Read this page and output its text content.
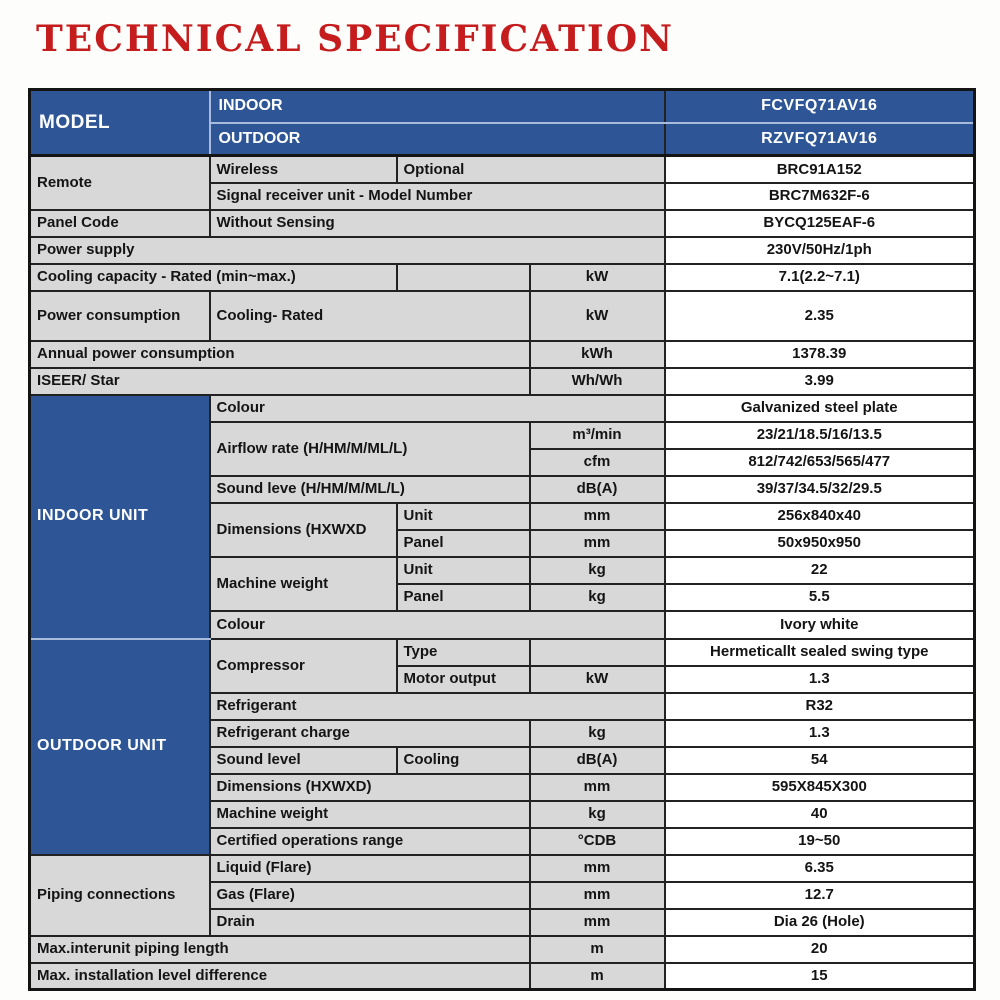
TECHNICAL SPECIFICATION
MODEL	INDOOR			FCVFQ71AV16
	OUTDOOR			RZVFQ71AV16
Remote	Wireless	Optional		BRC91A152
	Signal receiver unit - Model Number			BRC7M632F-6
Panel Code	Without Sensing			BYCQ125EAF-6
Power supply				230V/50Hz/1ph
Cooling capacity - Rated (min~max.)			kW	7.1(2.2~7.1)
Power consumption	Cooling- Rated		kW	2.35
Annual power consumption			kWh	1378.39
ISEER/ Star			Wh/Wh	3.99
INDOOR UNIT	Colour			Galvanized steel plate
	Airflow rate (H/HM/M/ML/L)		m³/min	23/21/18.5/16/13.5
			cfm	812/742/653/565/477
	Sound leve (H/HM/M/ML/L)		dB(A)	39/37/34.5/32/29.5
	Dimensions (HXWXD	Unit	mm	256x840x40
		Panel	mm	50x950x950
	Machine weight	Unit	kg	22
		Panel	kg	5.5
	Colour			Ivory white
OUTDOOR UNIT	Compressor	Type		Hermeticallt sealed swing type
		Motor output	kW	1.3
	Refrigerant			R32
	Refrigerant charge		kg	1.3
	Sound level	Cooling	dB(A)	54
	Dimensions (HXWXD)		mm	595X845X300
	Machine weight		kg	40
	Certified operations range		°CDB	19~50
Piping connections	Liquid (Flare)		mm	6.35
	Gas (Flare)		mm	12.7
	Drain		mm	Dia 26 (Hole)
Max.interunit piping length			m	20
Max. installation level difference			m	15
